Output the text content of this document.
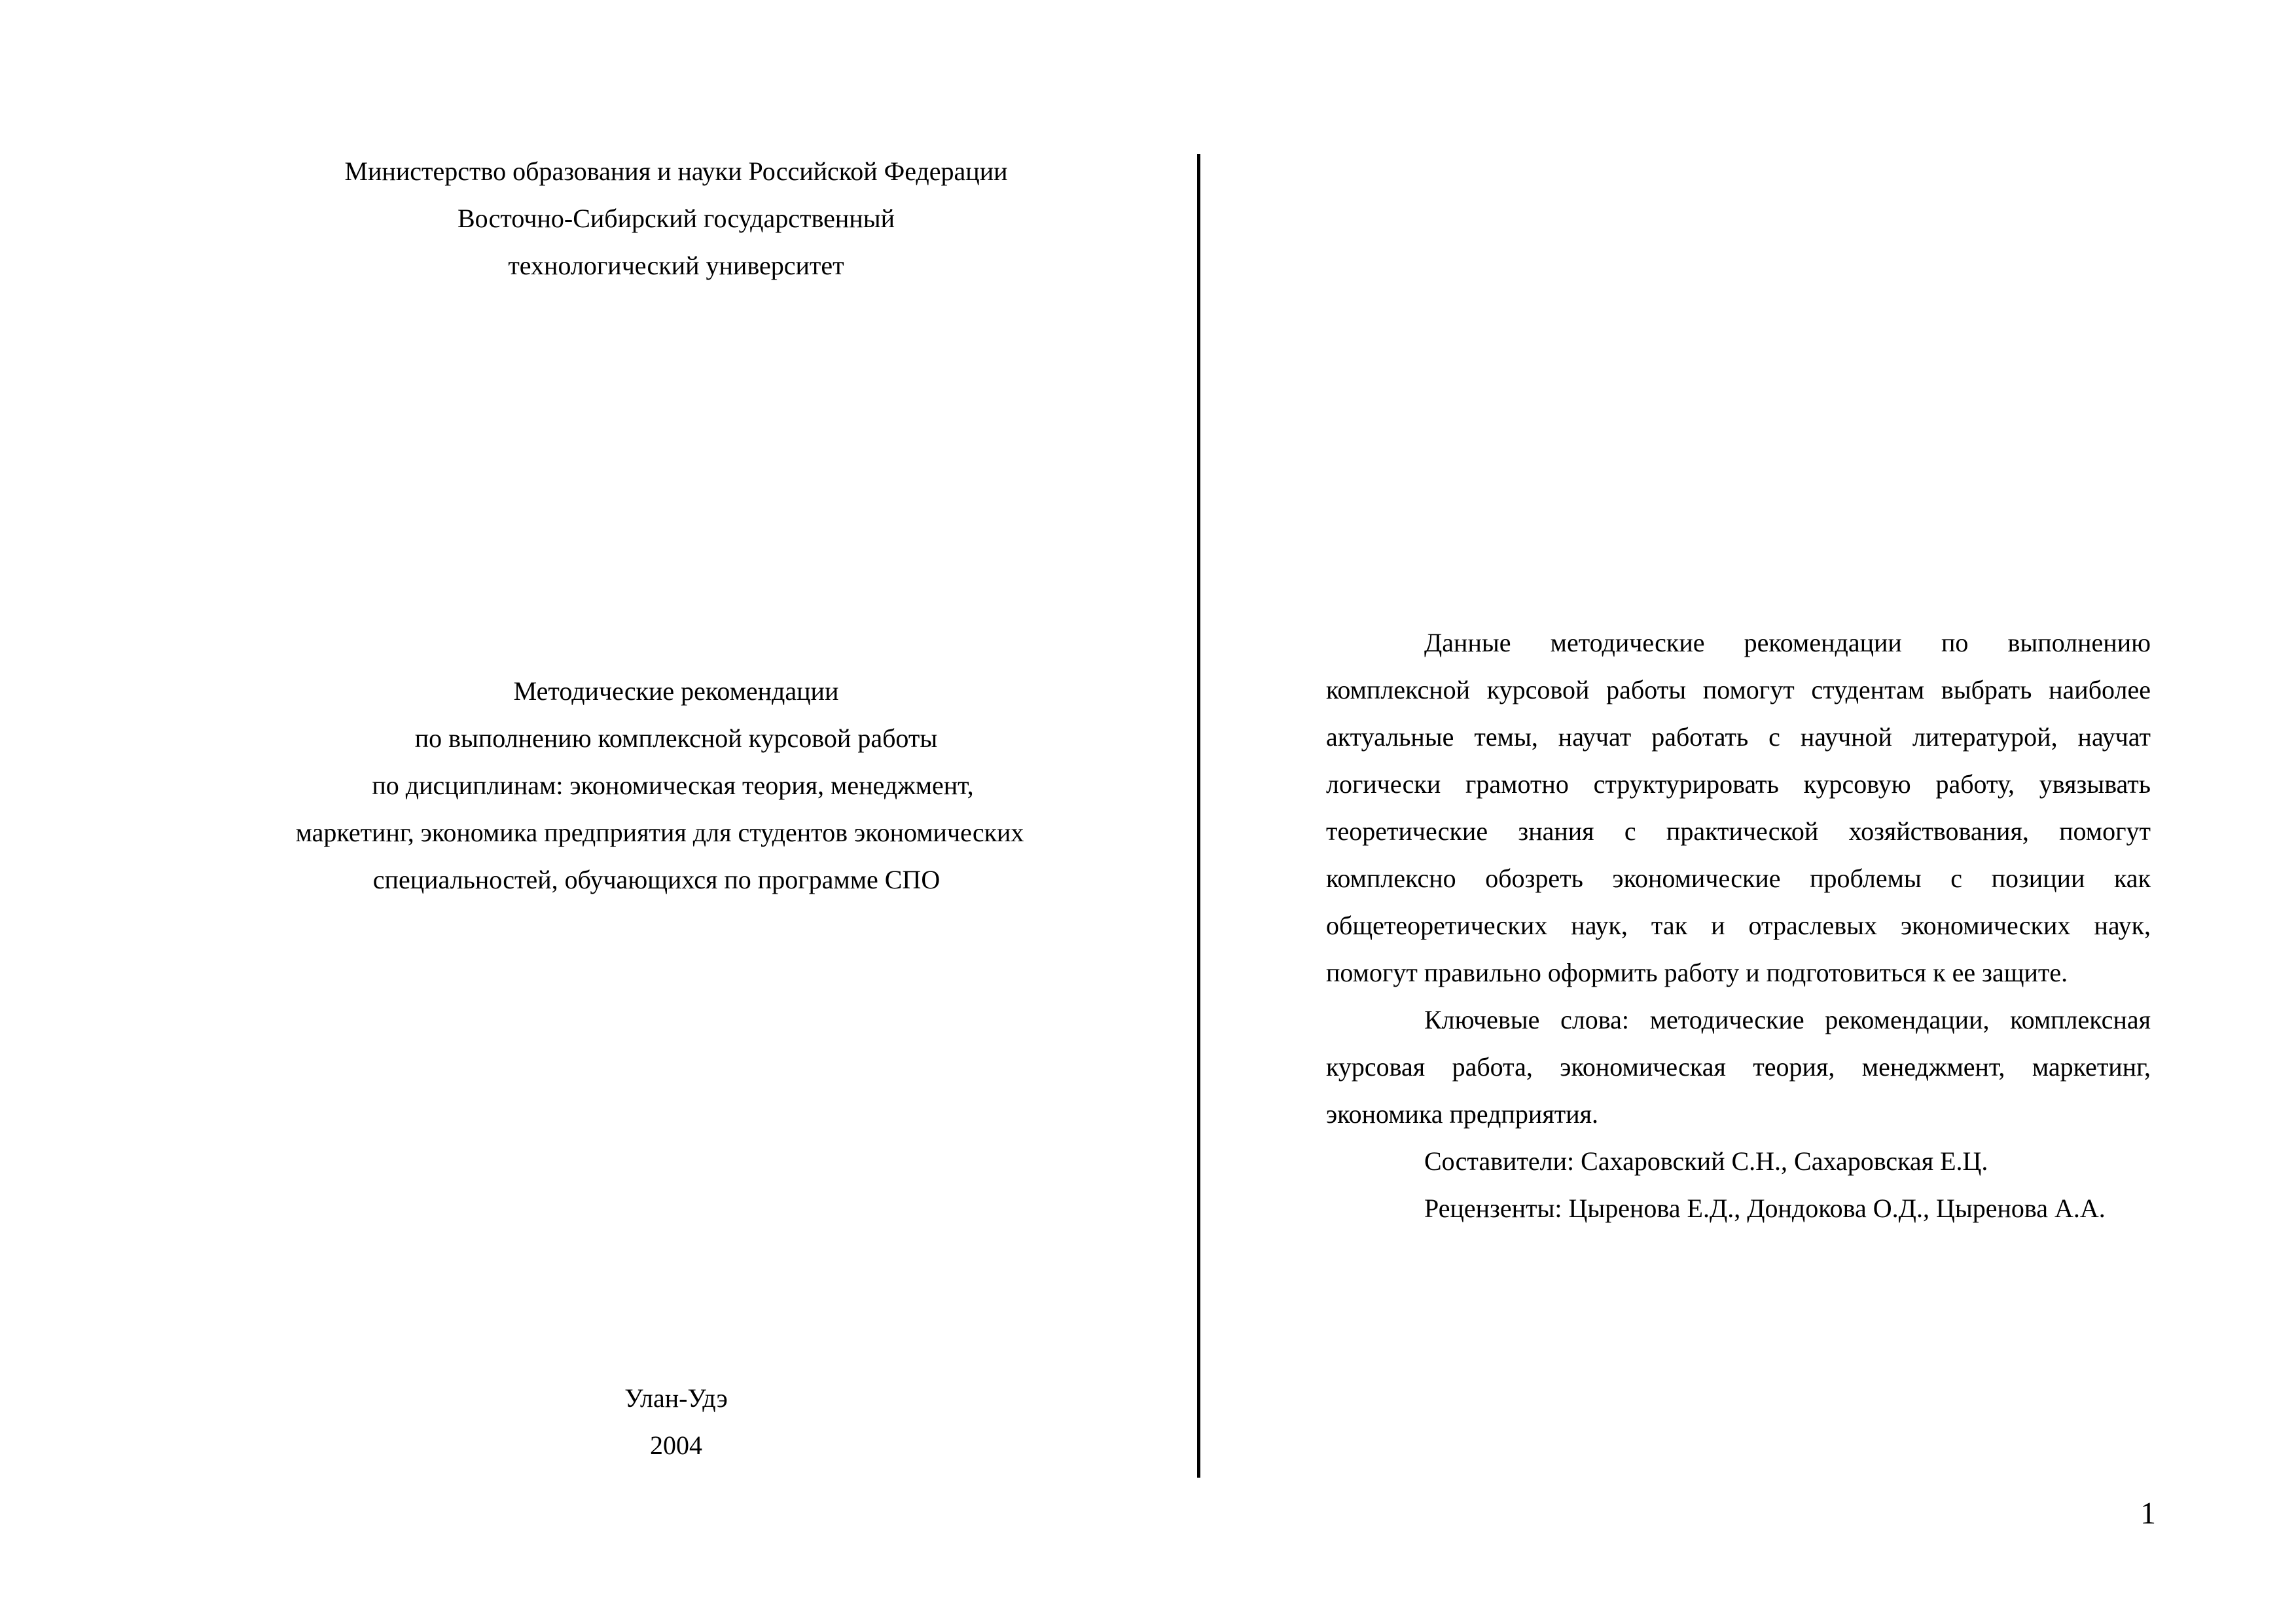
Министерство образования и науки Российской Федерации
Восточно-Сибирский государственный
технологический университет
Методические рекомендации
по выполнению комплексной курсовой работы
по дисциплинам: экономическая теория, менеджмент,
маркетинг, экономика предприятия для студентов экономических
специальностей, обучающихся по программе СПО
Улан-Удэ
2004
Данные методические рекомендации по выполнению
комплексной курсовой работы помогут студентам выбрать наиболее
актуальные темы, научат работать с научной литературой, научат
логически грамотно структурировать курсовую работу, увязывать
теоретические знания с практической хозяйствования, помогут
комплексно обозреть экономические проблемы с позиции как
общетеоретических наук, так и отраслевых экономических наук,
помогут правильно оформить работу и подготовиться к ее защите.
Ключевые слова: методические рекомендации, комплексная
курсовая работа, экономическая теория, менеджмент, маркетинг,
экономика предприятия.
Составители: Сахаровский С.Н., Сахаровская Е.Ц.
Рецензенты: Цыренова Е.Д., Дондокова О.Д., Цыренова А.А.
1
